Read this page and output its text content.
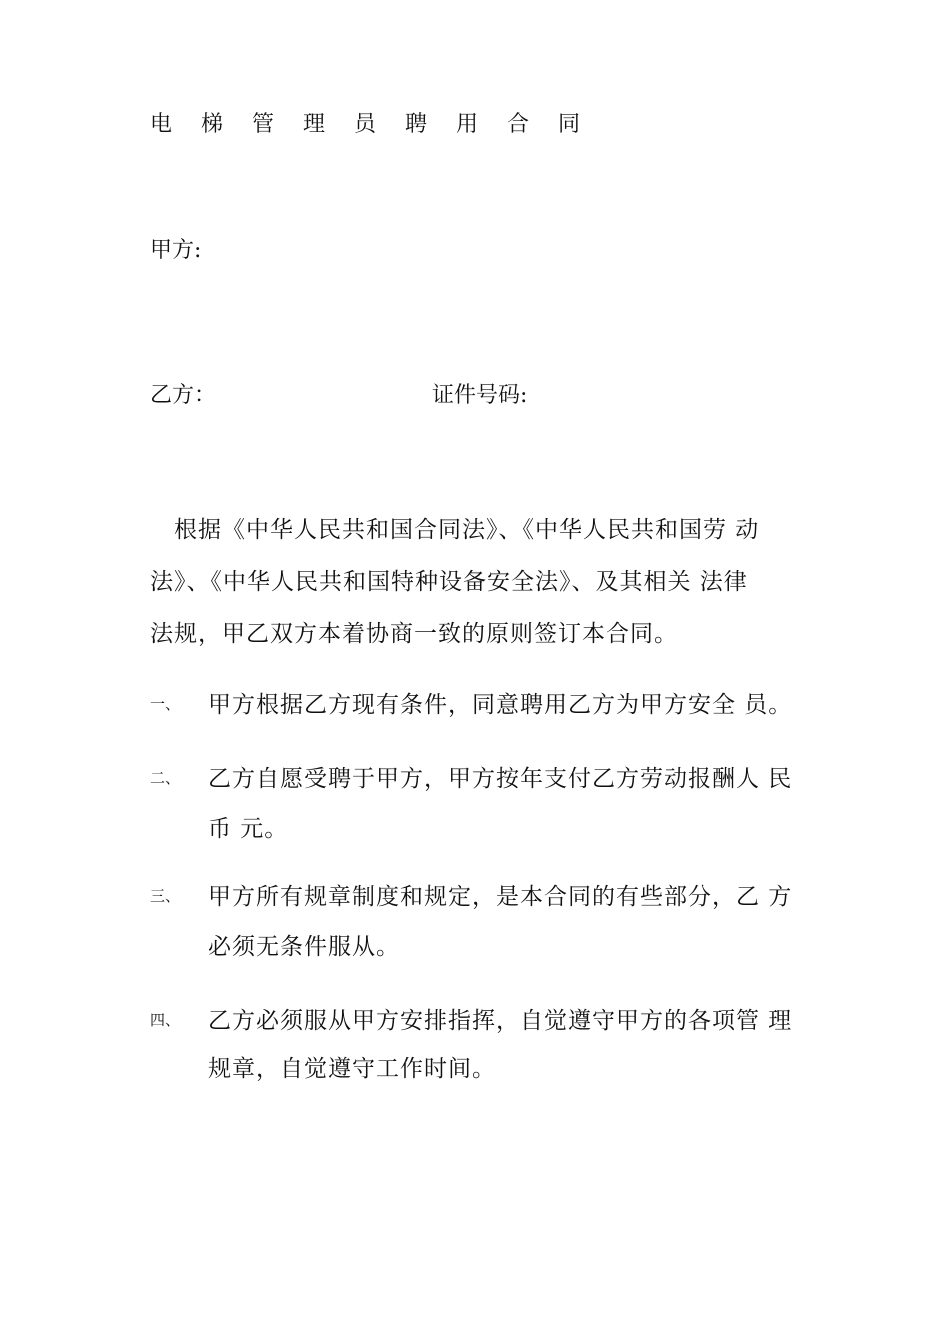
电 梯 管 理 员 聘 用 合 同
甲方:
乙方：	证件号码:
根据《中华人民共和国合同法》、《中华人民共和国劳 动
法》、《中华人民共和国特种设备安全法》、及其相关 法律
法规，甲乙双方本着协商一致的原则签订本合同。
一、 甲方根据乙方现有条件，同意聘用乙方为甲方安全 员。
二、 乙方自愿受聘于甲方，甲方按年支付乙方劳动报酬人 民
币 元。
三、 甲方所有规章制度和规定，是本合同的有些部分，乙 方
必须无条件服从。
四、 乙方必须服从甲方安排指挥，自觉遵守甲方的各项管 理
规章，自觉遵守工作时间。
